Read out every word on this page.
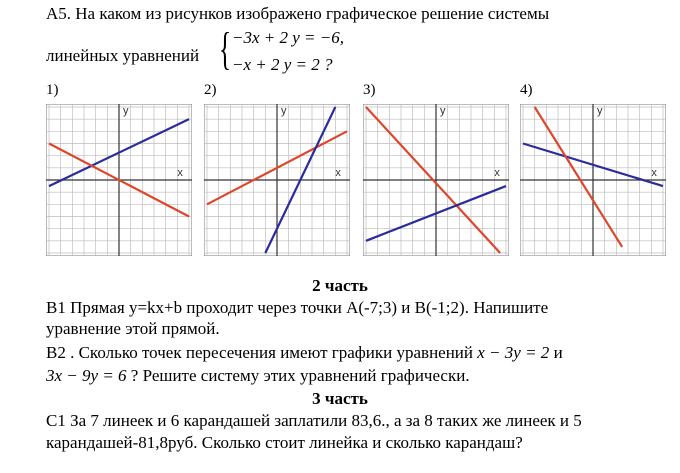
А5. На каком из рисунков изображено графическое решение системы
линейных уравнений { −3x + 2 y = −6,
−x + 2 y = 2 ?
1)	2)	3)	4)
x
y
x
y
x
y
x
y
2 часть
В1 Прямая y=kx+b проходит через точки А(-7;3) и В(-1;2). Напишите
уравнение этой прямой.
В2 . Сколько точек пересечения имеют графики уравнений x − 3y = 2 и
3x − 9y = 6 ? Решите систему этих уравнений графически.
3 часть
С1 За 7 линеек и 6 карандашей заплатили 83,6., а за 8 таких же линеек и 5
карандашей-81,8руб. Сколько стоит линейка и сколько карандаш?
